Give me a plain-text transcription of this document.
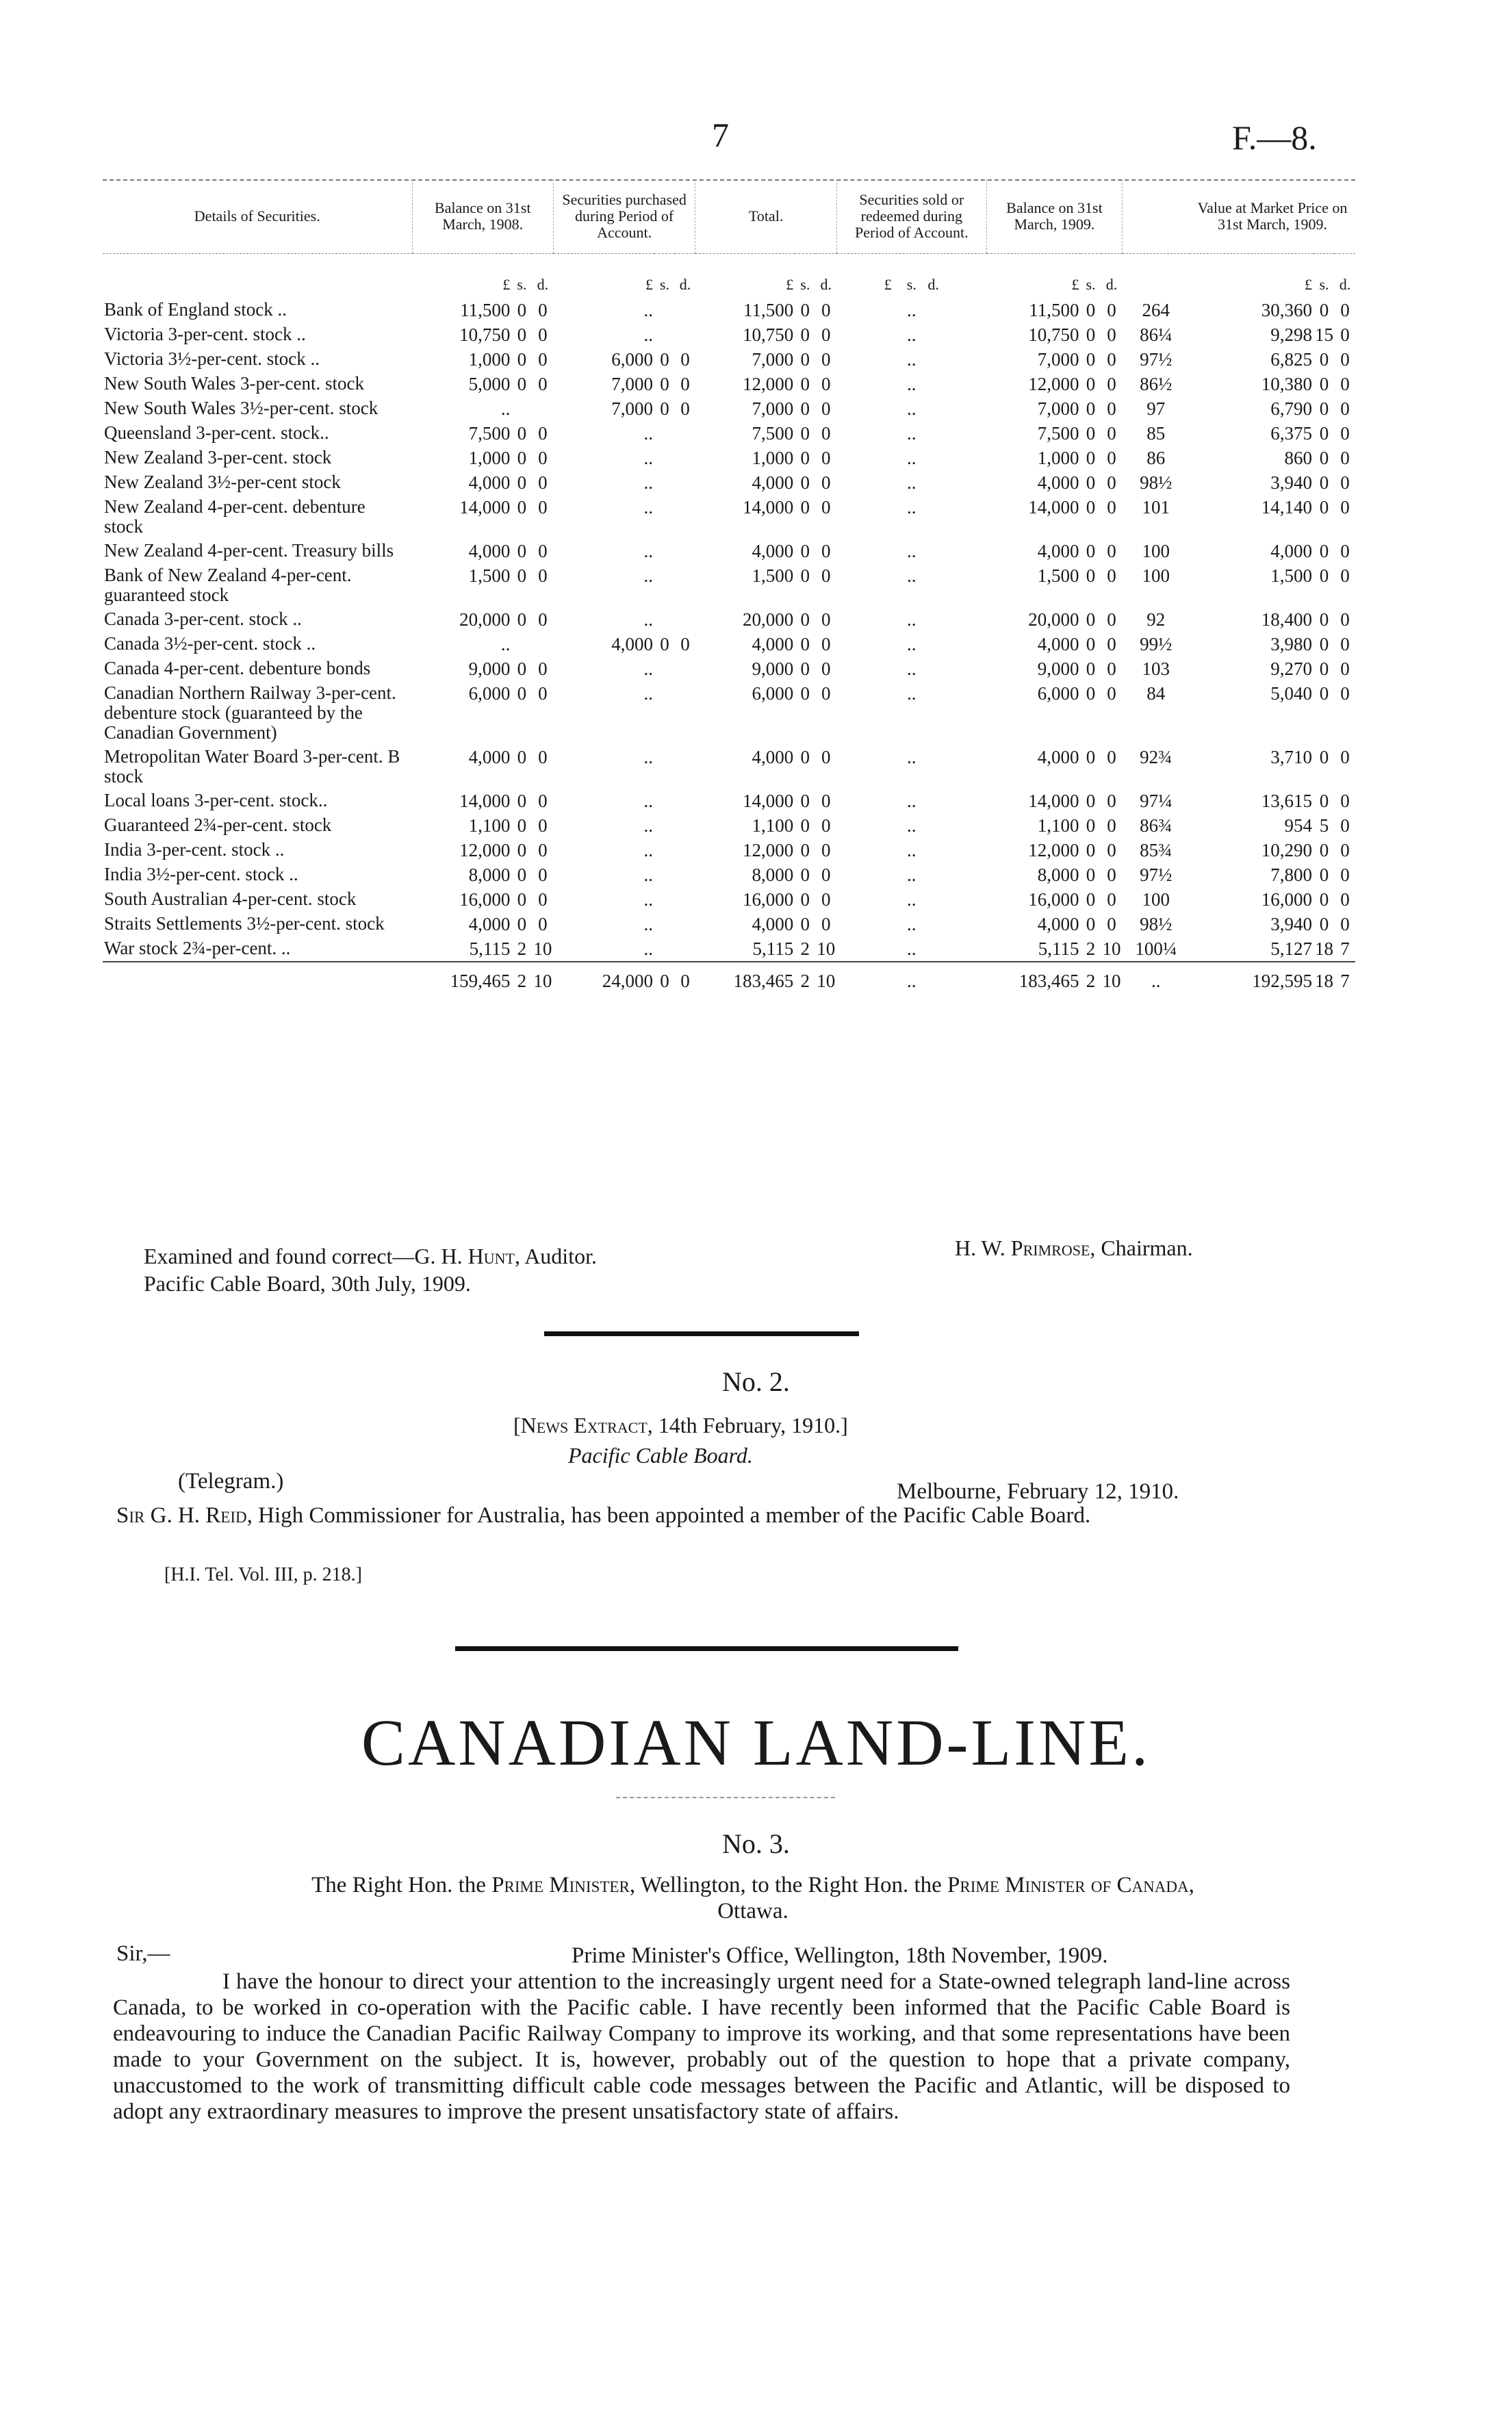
7	F.—8.
Details of Securities.	Balance on 31st March, 1908.			Securities purchased during Period of Account.			Total.			Securities sold or redeemed during Period of Account.	Balance on 31st March, 1909.				Value at Market Price on 31st March, 1909.		
	£	s.	d.	£	s.	d.	£	s.	d.	£ s. d.	£	s.	d.		£	s.	d.
Bank of England stock ..	11,500	0	0	..			11,500	0	0	..	11,500	0	0	264	30,360	0	0
Victoria 3-per-cent. stock ..	10,750	0	0	..			10,750	0	0	..	10,750	0	0	86¼	9,298	15	0
Victoria 3½-per-cent. stock ..	1,000	0	0	6,000	0	0	7,000	0	0	..	7,000	0	0	97½	6,825	0	0
New South Wales 3-per-cent. stock	5,000	0	0	7,000	0	0	12,000	0	0	..	12,000	0	0	86½	10,380	0	0
New South Wales 3½-per-cent. stock	..			7,000	0	0	7,000	0	0	..	7,000	0	0	97	6,790	0	0
Queensland 3-per-cent. stock..	7,500	0	0	..			7,500	0	0	..	7,500	0	0	85	6,375	0	0
New Zealand 3-per-cent. stock	1,000	0	0	..			1,000	0	0	..	1,000	0	0	86	860	0	0
New Zealand 3½-per-cent stock	4,000	0	0	..			4,000	0	0	..	4,000	0	0	98½	3,940	0	0
New Zealand 4-per-cent. debenture stock	14,000	0	0	..			14,000	0	0	..	14,000	0	0	101	14,140	0	0
New Zealand 4-per-cent. Treasury bills	4,000	0	0	..			4,000	0	0	..	4,000	0	0	100	4,000	0	0
Bank of New Zealand 4-per-cent. guaranteed stock	1,500	0	0	..			1,500	0	0	..	1,500	0	0	100	1,500	0	0
Canada 3-per-cent. stock ..	20,000	0	0	..			20,000	0	0	..	20,000	0	0	92	18,400	0	0
Canada 3½-per-cent. stock ..	..			4,000	0	0	4,000	0	0	..	4,000	0	0	99½	3,980	0	0
Canada 4-per-cent. debenture bonds	9,000	0	0	..			9,000	0	0	..	9,000	0	0	103	9,270	0	0
Canadian Northern Railway 3-per-cent. debenture stock (guaranteed by the Canadian Government)	6,000	0	0	..			6,000	0	0	..	6,000	0	0	84	5,040	0	0
Metropolitan Water Board 3-per-cent. B stock	4,000	0	0	..			4,000	0	0	..	4,000	0	0	92¾	3,710	0	0
Local loans 3-per-cent. stock..	14,000	0	0	..			14,000	0	0	..	14,000	0	0	97¼	13,615	0	0
Guaranteed 2¾-per-cent. stock	1,100	0	0	..			1,100	0	0	..	1,100	0	0	86¾	954	5	0
India 3-per-cent. stock ..	12,000	0	0	..			12,000	0	0	..	12,000	0	0	85¾	10,290	0	0
India 3½-per-cent. stock ..	8,000	0	0	..			8,000	0	0	..	8,000	0	0	97½	7,800	0	0
South Australian 4-per-cent. stock	16,000	0	0	..			16,000	0	0	..	16,000	0	0	100	16,000	0	0
Straits Settlements 3½-per-cent. stock	4,000	0	0	..			4,000	0	0	..	4,000	0	0	98½	3,940	0	0
War stock 2¾-per-cent. ..	5,115	2	10	..			5,115	2	10	..	5,115	2	10	100¼	5,127	18	7
	159,465	2	10	24,000	0	0	183,465	2	10	..	183,465	2	10	..	192,595	18	7
Examined and found correct—G. H. Hunt, Auditor.
Pacific Cable Board, 30th July, 1909.
H. W. Primrose, Chairman.
No. 2.
[News Extract, 14th February, 1910.]
Pacific Cable Board.
(Telegram.)	Melbourne, February 12, 1910.
Sir G. H. Reid, High Commissioner for Australia, has been appointed a member of the Pacific Cable Board.
[H.I. Tel. Vol. III, p. 218.]
CANADIAN LAND-LINE.
No. 3.
The Right Hon. the Prime Minister, Wellington, to the Right Hon. the Prime Minister of Canada,
Ottawa.
Sir,—	Prime Minister's Office, Wellington, 18th November, 1909.
I have the honour to direct your attention to the increasingly urgent need for a State-owned telegraph land-line across Canada, to be worked in co-operation with the Pacific cable. I have recently been informed that the Pacific Cable Board is endeavouring to induce the Canadian Pacific Railway Company to improve its working, and that some representations have been made to your Government on the subject. It is, however, probably out of the question to hope that a private company, unaccustomed to the work of transmitting difficult cable code messages between the Pacific and Atlantic, will be disposed to adopt any extraordinary measures to improve the present unsatisfactory state of affairs.
